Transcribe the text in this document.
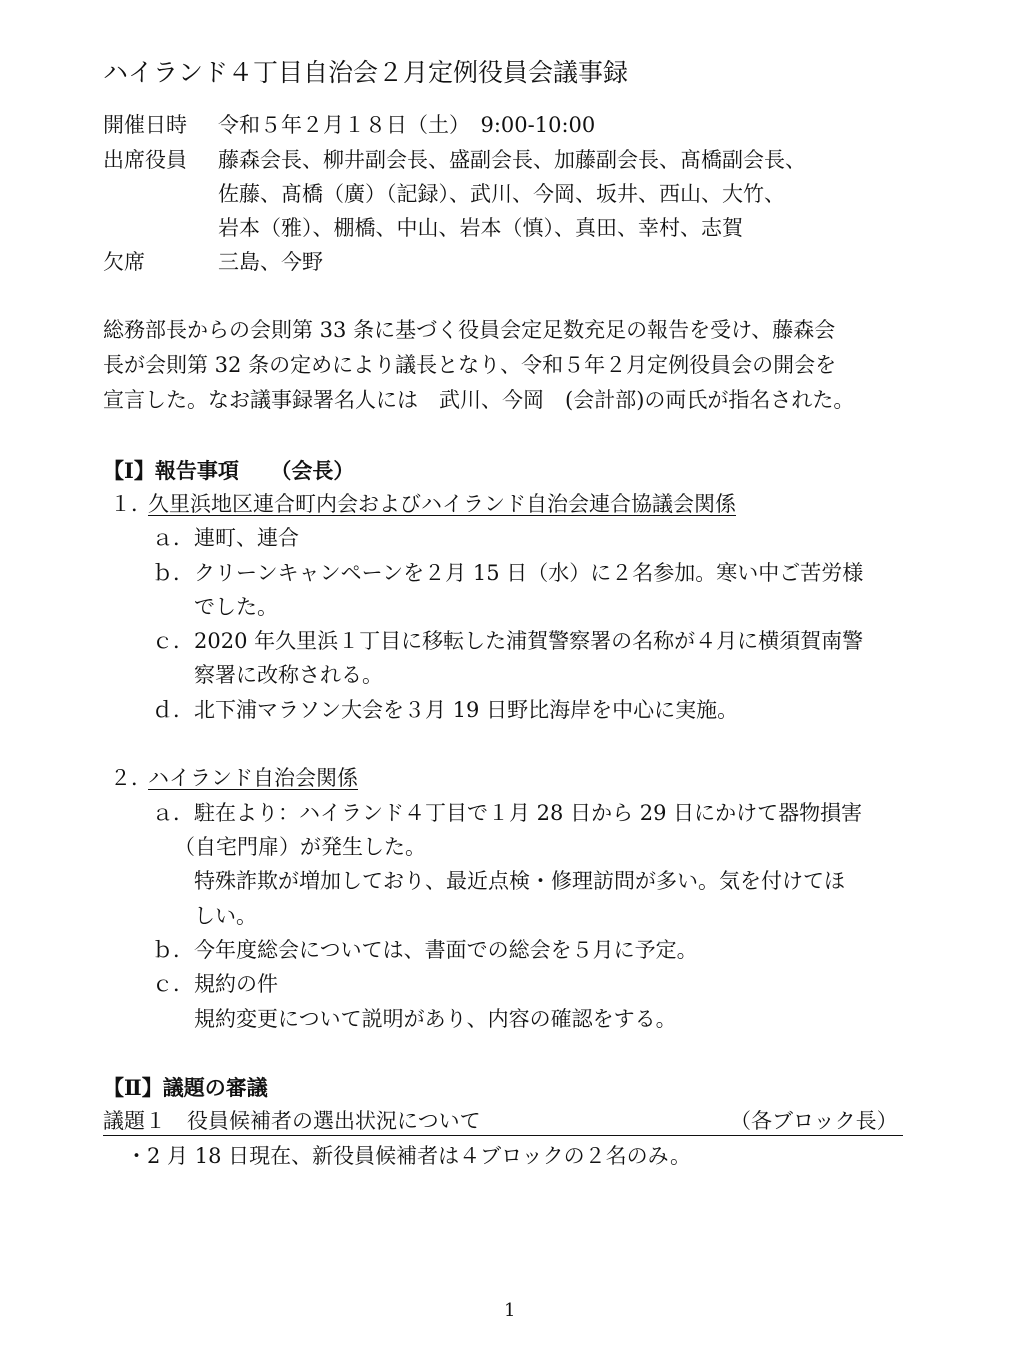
ハイランド４丁目自治会２月定例役員会議事録
開催日時 令和５年２月１８日（土）　9:00-10:00
出席役員 藤森会長、柳井副会長、盛副会長、加藤副会長、髙橋副会長、
佐藤、髙橋（廣）（記録）、武川、今岡、坂井、西山、大竹、
岩本（雅）、棚橋、中山、岩本（慎）、真田、幸村、志賀
欠席	三島、今野
総務部長からの会則第 33 条に基づく役員会定足数充足の報告を受け、藤森会
長が会則第 32 条の定めにより議長となり、令和５年２月定例役員会の開会を
宣言した。なお議事録署名人には　武川、今岡　(会計部)の両氏が指名された。
【Ⅰ】報告事項　　（会長）
１．
久里浜地区連合町内会およびハイランド自治会連合協議会関係
ａ． 連町、連合
ｂ． クリーンキャンペーンを２月 15 日（水）に２名参加。寒い中ご苦労様
でした。
ｃ． 2020 年久里浜１丁目に移転した浦賀警察署の名称が４月に横須賀南警
察署に改称される。
ｄ． 北下浦マラソン大会を３月 19 日野比海岸を中心に実施。
２．
ハイランド自治会関係
ａ． 駐在より：ハイランド４丁目で１月 28 日から 29 日にかけて器物損害
（自宅門扉）が発生した。
特殊詐欺が増加しており、最近点検・修理訪問が多い。気を付けてほ
しい。
ｂ． 今年度総会については、書面での総会を５月に予定。
ｃ． 規約の件
規約変更について説明があり、内容の確認をする。
【Ⅱ】議題の審議
議題１　役員候補者の選出状況について	（各ブロック長）
・2 月 18 日現在、新役員候補者は４ブロックの２名のみ。
1
